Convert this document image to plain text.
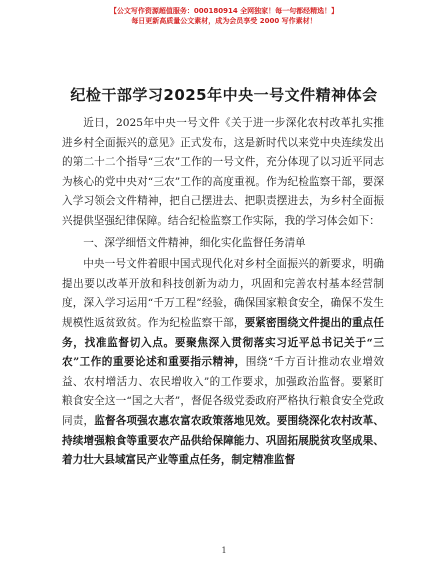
【公文写作资源超值服务：000180914 全网独家！每一句都经精选！】
每日更新高质量公文素材，成为会员享受 2000 写作素材！
纪检干部学习2025年中央一号文件精神体会

近日，2025年中央一号文件《关于进一步深化农村改革扎实推进乡村全面振兴的意见》正式发布，这是新时代以来党中央连续发出的第二十二个指导“三农”工作的一号文件，充分体现了以习近平同志为核心的党中央对“三农”工作的高度重视。作为纪检监察干部，要深入学习领会文件精神，把自己摆进去、把职责摆进去，为乡村全面振兴提供坚强纪律保障。结合纪检监察工作实际，我的学习体会如下：

一、深学细悟文件精神，细化实化监督任务清单

中央一号文件着眼中国式现代化对乡村全面振兴的新要求，明确提出要以改革开放和科技创新为动力，巩固和完善农村基本经营制度，深入学习运用“千万工程”经验，确保国家粮食安全，确保不发生规模性返贫致贫。作为纪检监察干部，要紧密围绕文件提出的重点任务，找准监督切入点。要聚焦深入贯彻落实习近平总书记关于“三农”工作的重要论述和重要指示精神，围绕“千方百计推动农业增效益、农村增活力、农民增收入”的工作要求，加强政治监督。要紧盯粮食安全这一“国之大者”，督促各级党委政府严格执行粮食安全党政同责，监督各项强农惠农富农政策落地见效。要围绕深化农村改革、持续增强粮食等重要农产品供给保障能力、巩固拓展脱贫攻坚成果、着力壮大县域富民产业等重点任务，制定精准监督

1
